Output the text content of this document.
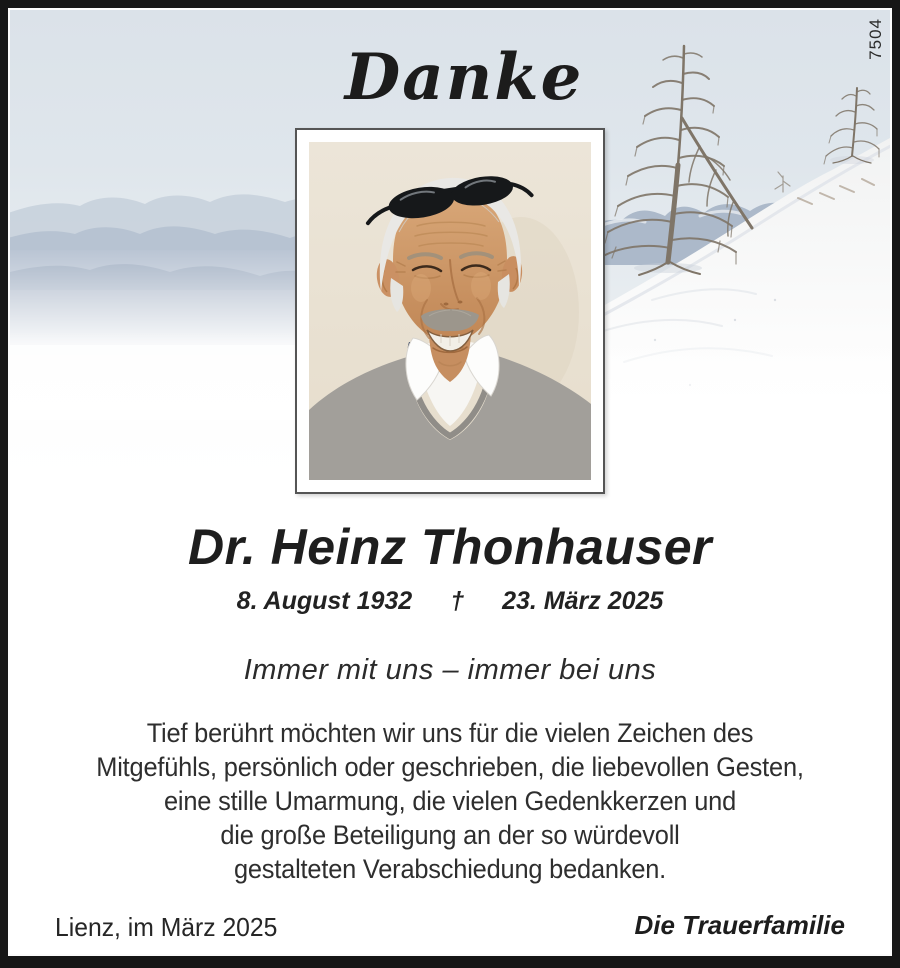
7504
Danke
Dr. Heinz Thonhauser
8. August 1932 † 23. März 2025
Immer mit uns – immer bei uns
Tief berührt möchten wir uns für die vielen Zeichen des
Mitgefühls, persönlich oder geschrieben, die liebevollen Gesten,
eine stille Umarmung, die vielen Gedenkkerzen und
die große Beteiligung an der so würdevoll
gestalteten Verabschiedung bedanken.
Lienz, im März 2025	Die Trauerfamilie
